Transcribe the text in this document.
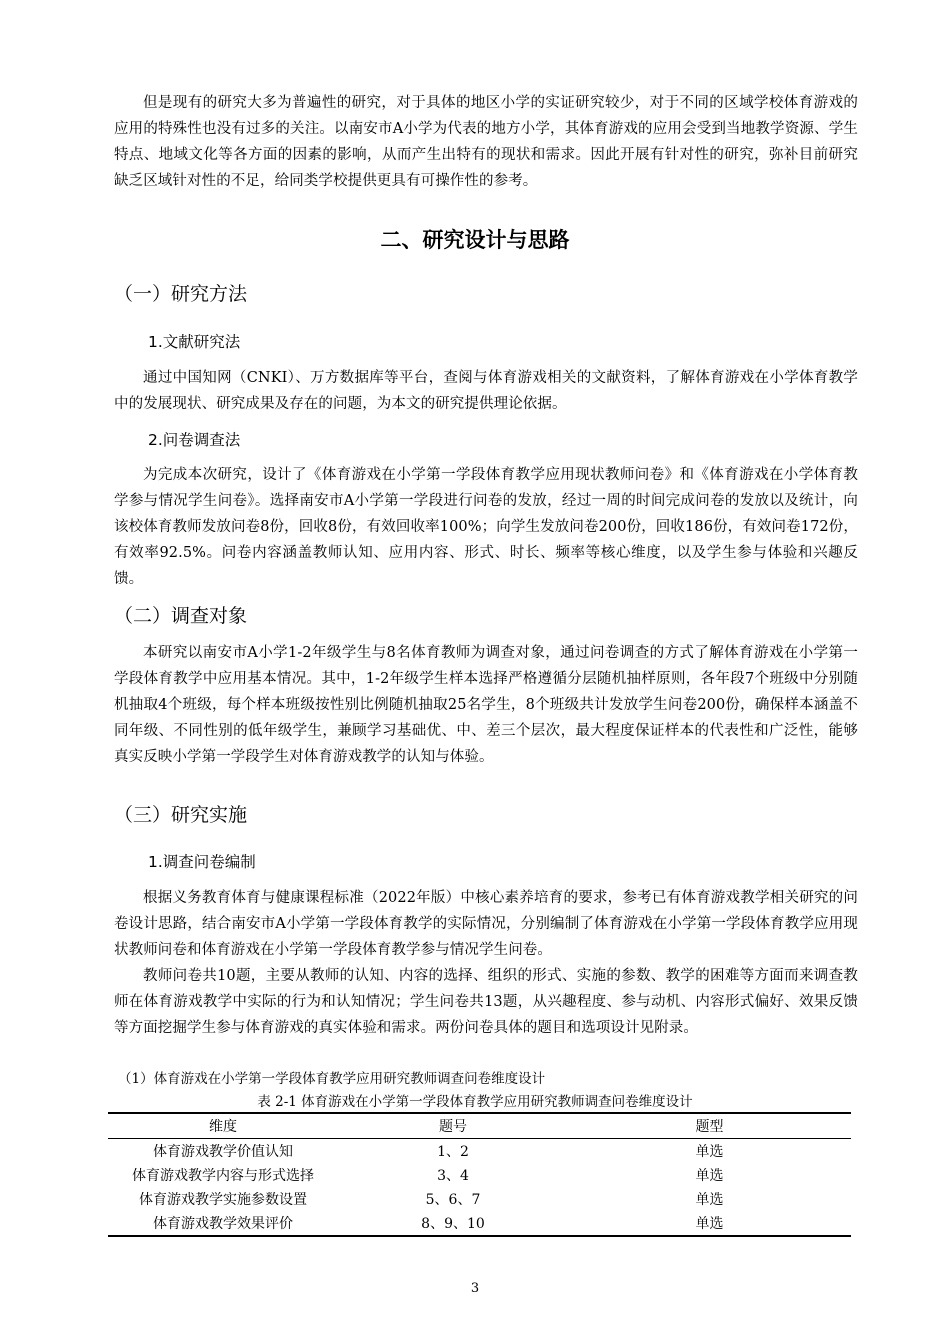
但是现有的研究大多为普遍性的研究，对于具体的地区小学的实证研究较少，对于不同的区域学校体育游戏的应用的特殊性也没有过多的关注。以南安市A小学为代表的地方小学，其体育游戏的应用会受到当地教学资源、学生特点、地域文化等各方面的因素的影响，从而产生出特有的现状和需求。因此开展有针对性的研究，弥补目前研究缺乏区域针对性的不足，给同类学校提供更具有可操作性的参考。

二、研究设计与思路
（一）研究方法
1.文献研究法

通过中国知网（CNKI）、万方数据库等平台，查阅与体育游戏相关的文献资料，了解体育游戏在小学体育教学中的发展现状、研究成果及存在的问题，为本文的研究提供理论依据。

2.问卷调查法

为完成本次研究，设计了《体育游戏在小学第一学段体育教学应用现状教师问卷》和《体育游戏在小学体育教学参与情况学生问卷》。选择南安市A小学第一学段进行问卷的发放，经过一周的时间完成问卷的发放以及统计，向该校体育教师发放问卷8份，回收8份，有效回收率100%；向学生发放问卷200份，回收186份，有效问卷172份，有效率92.5%。问卷内容涵盖教师认知、应用内容、形式、时长、频率等核心维度，以及学生参与体验和兴趣反馈。

（二）调查对象

本研究以南安市A小学1-2年级学生与8名体育教师为调查对象，通过问卷调查的方式了解体育游戏在小学第一学段体育教学中应用基本情况。其中，1-2年级学生样本选择严格遵循分层随机抽样原则，各年段7个班级中分别随机抽取4个班级，每个样本班级按性别比例随机抽取25名学生，8个班级共计发放学生问卷200份，确保样本涵盖不同年级、不同性别的低年级学生，兼顾学习基础优、中、差三个层次，最大程度保证样本的代表性和广泛性，能够真实反映小学第一学段学生对体育游戏教学的认知与体验。

（三）研究实施
1.调查问卷编制

根据义务教育体育与健康课程标准（2022年版）中核心素养培育的要求，参考已有体育游戏教学相关研究的问卷设计思路，结合南安市A小学第一学段体育教学的实际情况，分别编制了体育游戏在小学第一学段体育教学应用现状教师问卷和体育游戏在小学第一学段体育教学参与情况学生问卷。

教师问卷共10题，主要从教师的认知、内容的选择、组织的形式、实施的参数、教学的困难等方面而来调查教师在体育游戏教学中实际的行为和认知情况；学生问卷共13题，从兴趣程度、参与动机、内容形式偏好、效果反馈等方面挖掘学生参与体育游戏的真实体验和需求。两份问卷具体的题目和选项设计见附录。

（1）体育游戏在小学第一学段体育教学应用研究教师调查问卷维度设计

表 2-1 体育游戏在小学第一学段体育教学应用研究教师调查问卷维度设计

维度	题号	题型
体育游戏教学价值认知	1、2	单选
体育游戏教学内容与形式选择	3、4	单选
体育游戏教学实施参数设置	5、6、7	单选
体育游戏教学效果评价	8、9、10	单选

3
